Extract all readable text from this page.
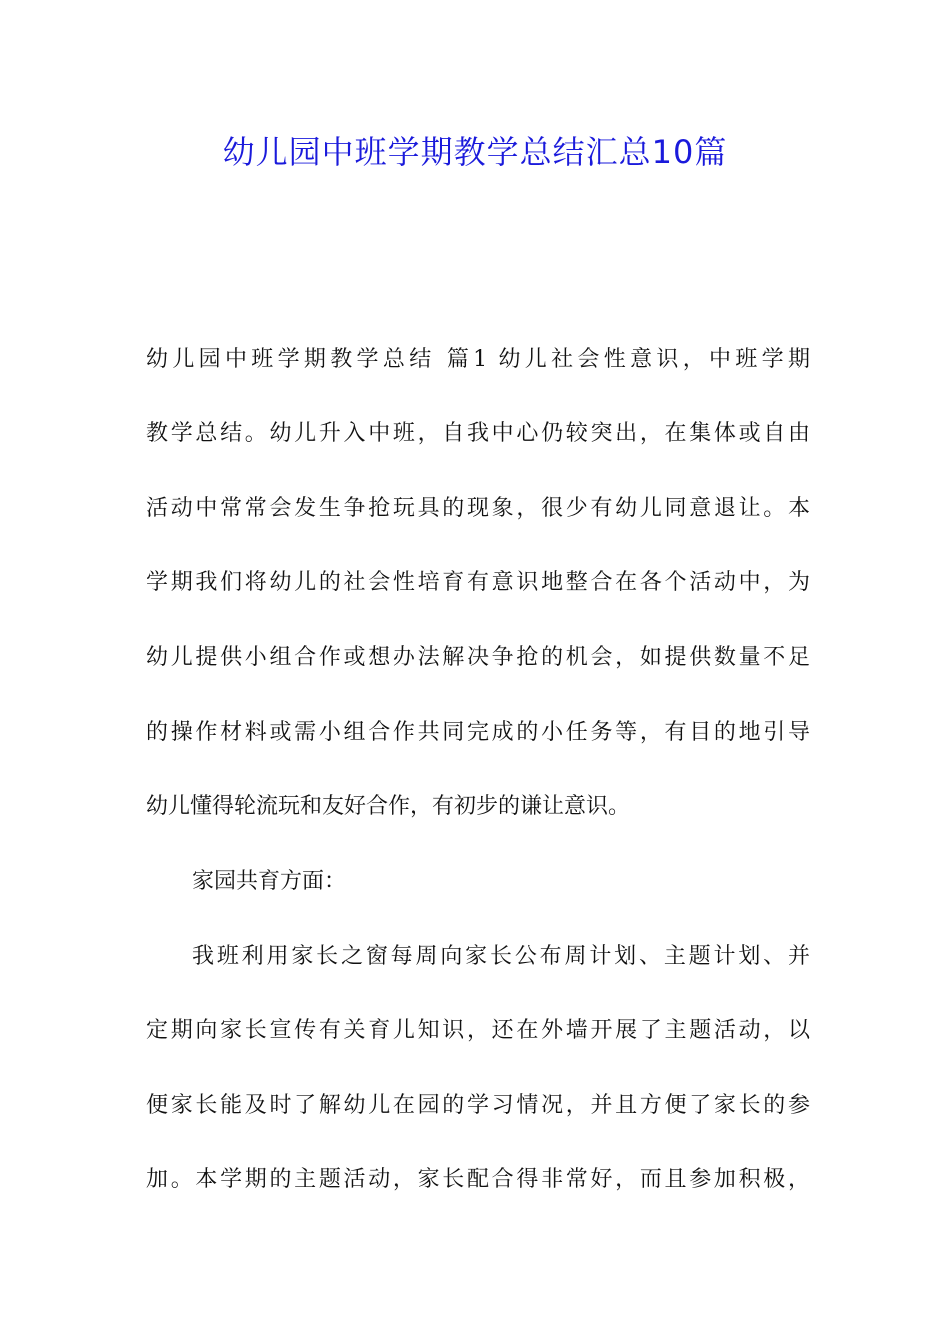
幼儿园中班学期教学总结汇总10篇

幼儿园中班学期教学总结 篇1 幼儿社会性意识，中班学期

教学总结。幼儿升入中班，自我中心仍较突出，在集体或自由

活动中常常会发生争抢玩具的现象，很少有幼儿同意退让。本

学期我们将幼儿的社会性培育有意识地整合在各个活动中，为

幼儿提供小组合作或想办法解决争抢的机会，如提供数量不足

的操作材料或需小组合作共同完成的小任务等，有目的地引导

幼儿懂得轮流玩和友好合作，有初步的谦让意识。

家园共育方面：

我班利用家长之窗每周向家长公布周计划、主题计划、并

定期向家长宣传有关育儿知识，还在外墙开展了主题活动，以

便家长能及时了解幼儿在园的学习情况，并且方便了家长的参

加。本学期的主题活动，家长配合得非常好，而且参加积极，
